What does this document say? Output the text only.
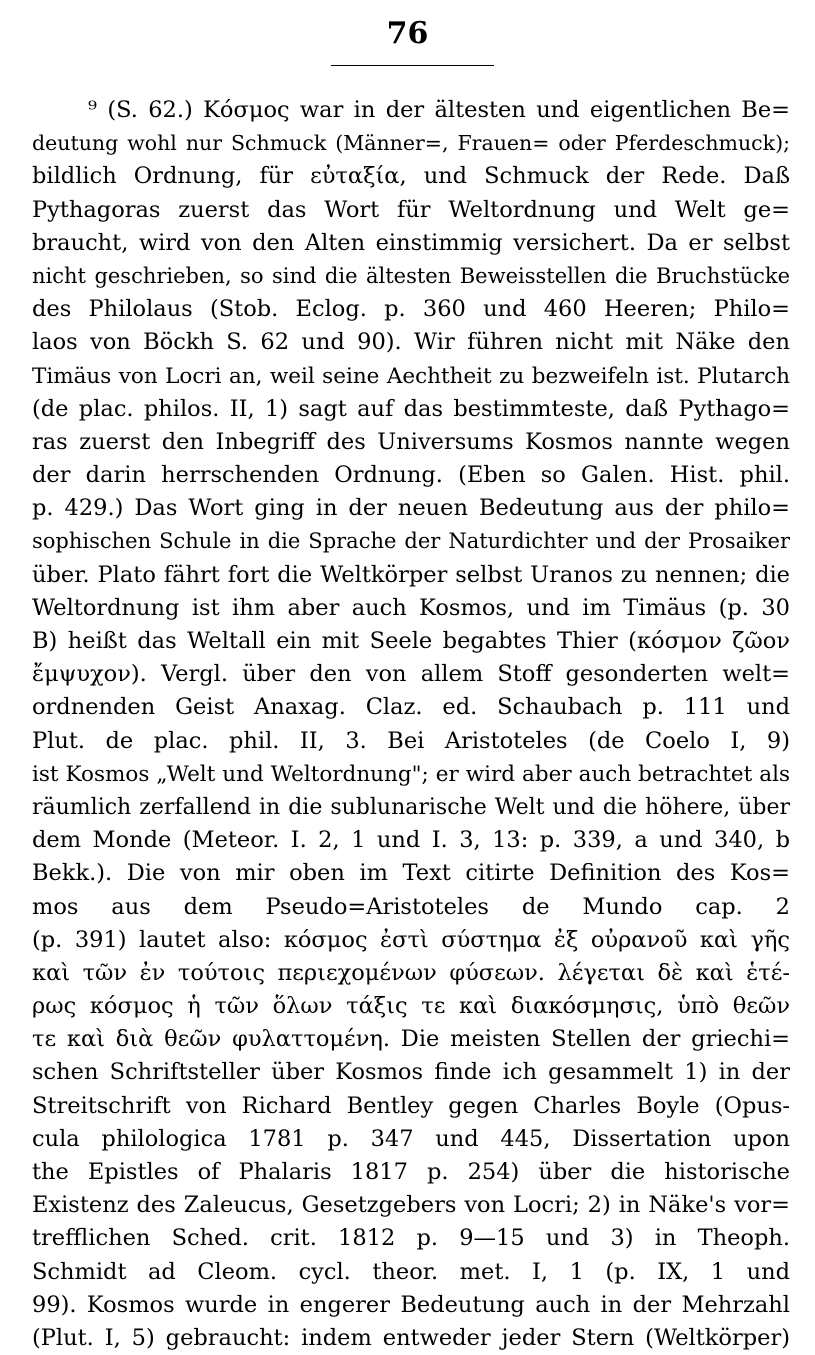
76
⁹ (S. 62.) Κόσμος war in der ältesten und eigentlichen Be=
deutung wohl nur Schmuck (Männer=, Frauen= oder Pferdeschmuck);
bildlich Ordnung, für εὐταξία, und Schmuck der Rede. Daß
Pythagoras zuerst das Wort für Weltordnung und Welt ge=
braucht, wird von den Alten einstimmig versichert. Da er selbst
nicht geschrieben, so sind die ältesten Beweisstellen die Bruchstücke
des Philolaus (Stob. Eclog. p. 360 und 460 Heeren; Philo=
laos von Böckh S. 62 und 90). Wir führen nicht mit Näke den
Timäus von Locri an, weil seine Aechtheit zu bezweifeln ist. Plutarch
(de plac. philos. II, 1) sagt auf das bestimmteste, daß Pythago=
ras zuerst den Inbegriff des Universums Kosmos nannte wegen
der darin herrschenden Ordnung. (Eben so Galen. Hist. phil.
p. 429.) Das Wort ging in der neuen Bedeutung aus der philo=
sophischen Schule in die Sprache der Naturdichter und der Prosaiker
über. Plato fährt fort die Weltkörper selbst Uranos zu nennen; die
Weltordnung ist ihm aber auch Kosmos, und im Timäus (p. 30
B) heißt das Weltall ein mit Seele begabtes Thier (κόσμον ζῶον
ἔμψυχον). Vergl. über den von allem Stoff gesonderten welt=
ordnenden Geist Anaxag. Claz. ed. Schaubach p. 111 und
Plut. de plac. phil. II, 3. Bei Aristoteles (de Coelo I, 9)
ist Kosmos „Welt und Weltordnung"; er wird aber auch betrachtet als
räumlich zerfallend in die sublunarische Welt und die höhere, über
dem Monde (Meteor. I. 2, 1 und I. 3, 13: p. 339, a und 340, b
Bekk.). Die von mir oben im Text citirte Definition des Kos=
mos aus dem Pseudo=Aristoteles de Mundo cap. 2
(p. 391) lautet also: κόσμος ἐστὶ σύστημα ἐξ οὐρανοῦ καὶ γῆς
καὶ τῶν ἐν τούτοις περιεχομένων φύσεων. λέγεται δὲ καὶ ἑτέ-
ρως κόσμος ἡ τῶν ὅλων τάξις τε καὶ διακόσμησις, ὑπὸ θεῶν
τε καὶ διὰ θεῶν φυλαττομένη. Die meisten Stellen der griechi=
schen Schriftsteller über Kosmos finde ich gesammelt 1) in der
Streitschrift von Richard Bentley gegen Charles Boyle (Opus-
cula philologica 1781 p. 347 und 445, Dissertation upon
the Epistles of Phalaris 1817 p. 254) über die historische
Existenz des Zaleucus, Gesetzgebers von Locri; 2) in Näke's vor=
trefflichen Sched. crit. 1812 p. 9—15 und 3) in Theoph.
Schmidt ad Cleom. cycl. theor. met. I, 1 (p. IX, 1 und
99). Kosmos wurde in engerer Bedeutung auch in der Mehrzahl
(Plut. I, 5) gebraucht: indem entweder jeder Stern (Weltkörper)
